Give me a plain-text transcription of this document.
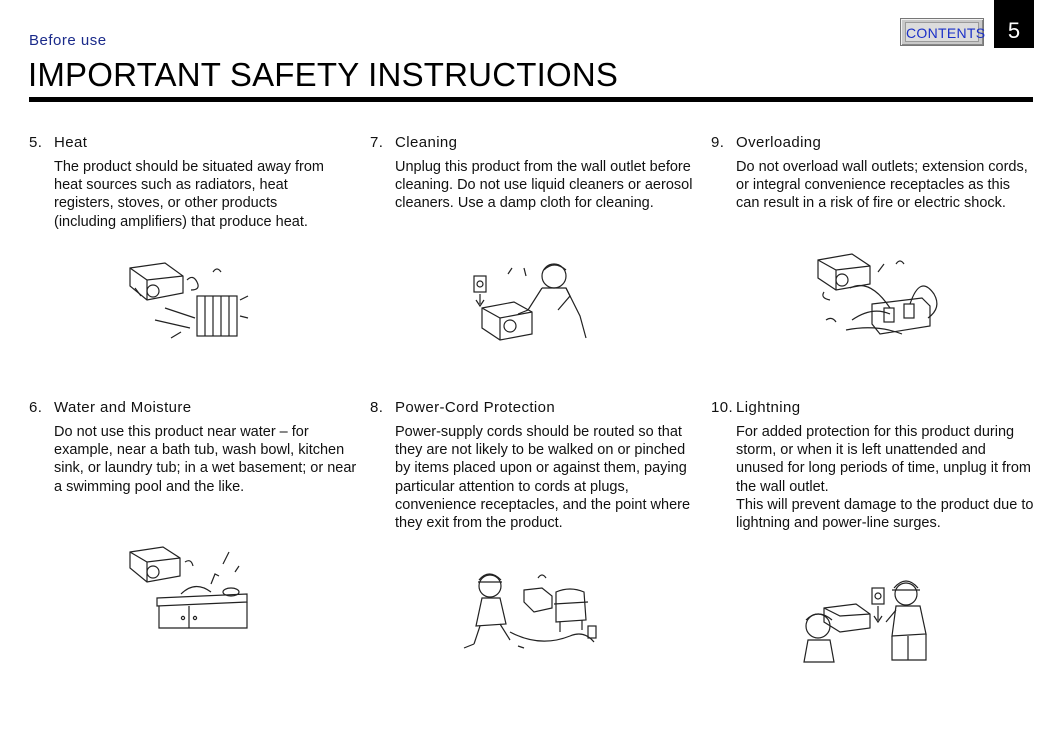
Before use	CONTENTS	5
IMPORTANT SAFETY INSTRUCTIONS
5. Heat
The product should be situated away from heat sources such as radiators, heat registers, stoves, or other products (including amplifiers) that produce heat.
6. Water and Moisture
Do not use this product near water – for example, near a bath tub, wash bowl, kitchen sink, or laundry tub; in a wet basement; or near a swimming pool and the like.
7. Cleaning
Unplug this product from the wall outlet before cleaning. Do not use liquid cleaners or aerosol cleaners. Use a damp cloth for cleaning.
8. Power-Cord Protection
Power-supply cords should be routed so that they are not likely to be walked on or pinched by items placed upon or against them, paying particular attention to cords at plugs, convenience receptacles, and the point where they exit from the product.
9. Overloading
Do not overload wall outlets; extension cords, or integral convenience receptacles as this can result in a risk of fire or electric shock.
10. Lightning
For added protection for this product during storm, or when it is left unattended and unused for long periods of time, unplug it from the wall outlet.
This will prevent damage to the product due to lightning and power-line surges.
